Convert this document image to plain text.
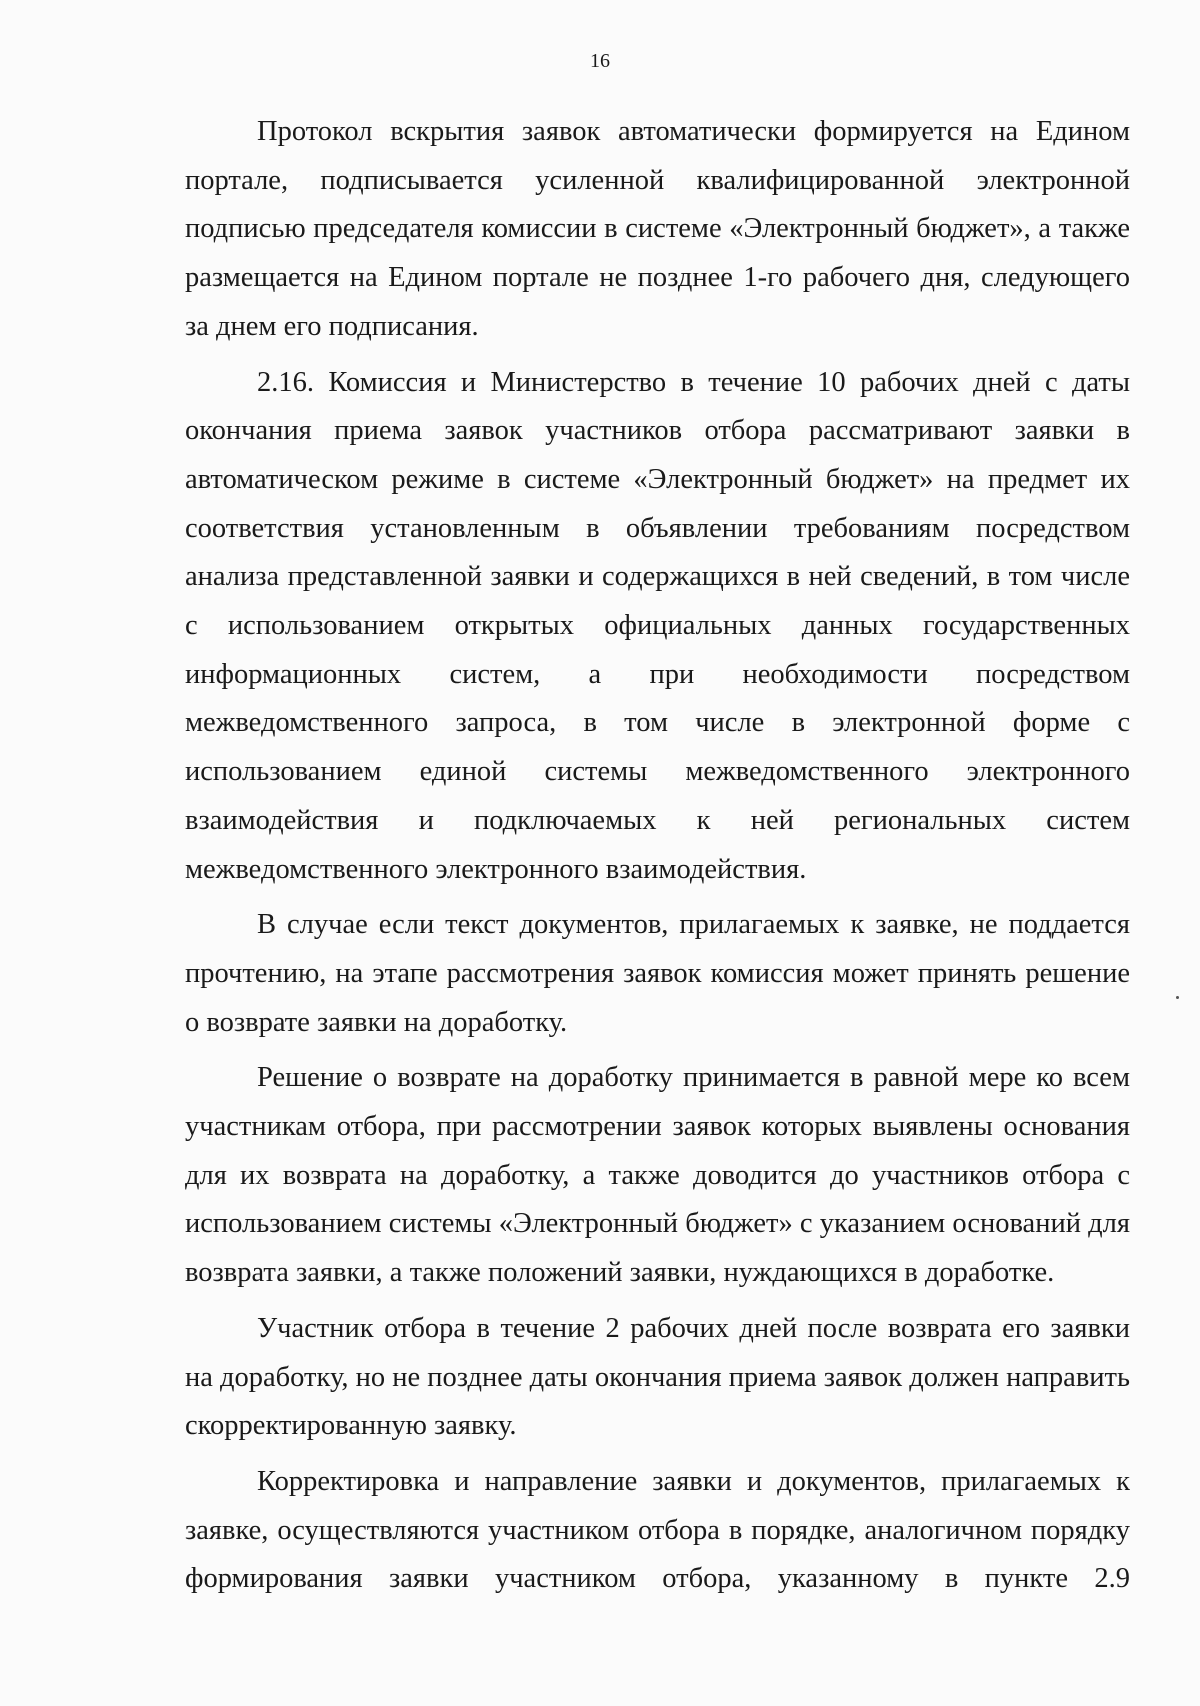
16

Протокол вскрытия заявок автоматически формируется на Едином портале, подписывается усиленной квалифицированной электронной подписью председателя комиссии в системе «Электронный бюджет», а также размещается на Едином портале не позднее 1-го рабочего дня, следующего за днем его подписания.

2.16. Комиссия и Министерство в течение 10 рабочих дней с даты окончания приема заявок участников отбора рассматривают заявки в автоматическом режиме в системе «Электронный бюджет» на предмет их соответствия установленным в объявлении требованиям посредством анализа представленной заявки и содержащихся в ней сведений, в том числе с использованием открытых официальных данных государственных информационных систем, а при необходимости посредством межведомственного запроса, в том числе в электронной форме с использованием единой системы межведомственного электронного взаимодействия и подключаемых к ней региональных систем межведомственного электронного взаимодействия.

В случае если текст документов, прилагаемых к заявке, не поддается прочтению, на этапе рассмотрения заявок комиссия может принять решение о возврате заявки на доработку.

Решение о возврате на доработку принимается в равной мере ко всем участникам отбора, при рассмотрении заявок которых выявлены основания для их возврата на доработку, а также доводится до участников отбора с использованием системы «Электронный бюджет» с указанием оснований для возврата заявки, а также положений заявки, нуждающихся в доработке.

Участник отбора в течение 2 рабочих дней после возврата его заявки на доработку, но не позднее даты окончания приема заявок должен направить скорректированную заявку.

Корректировка и направление заявки и документов, прилагаемых к заявке, осуществляются участником отбора в порядке, аналогичном порядку формирования заявки участником отбора, указанному в пункте 2.9
